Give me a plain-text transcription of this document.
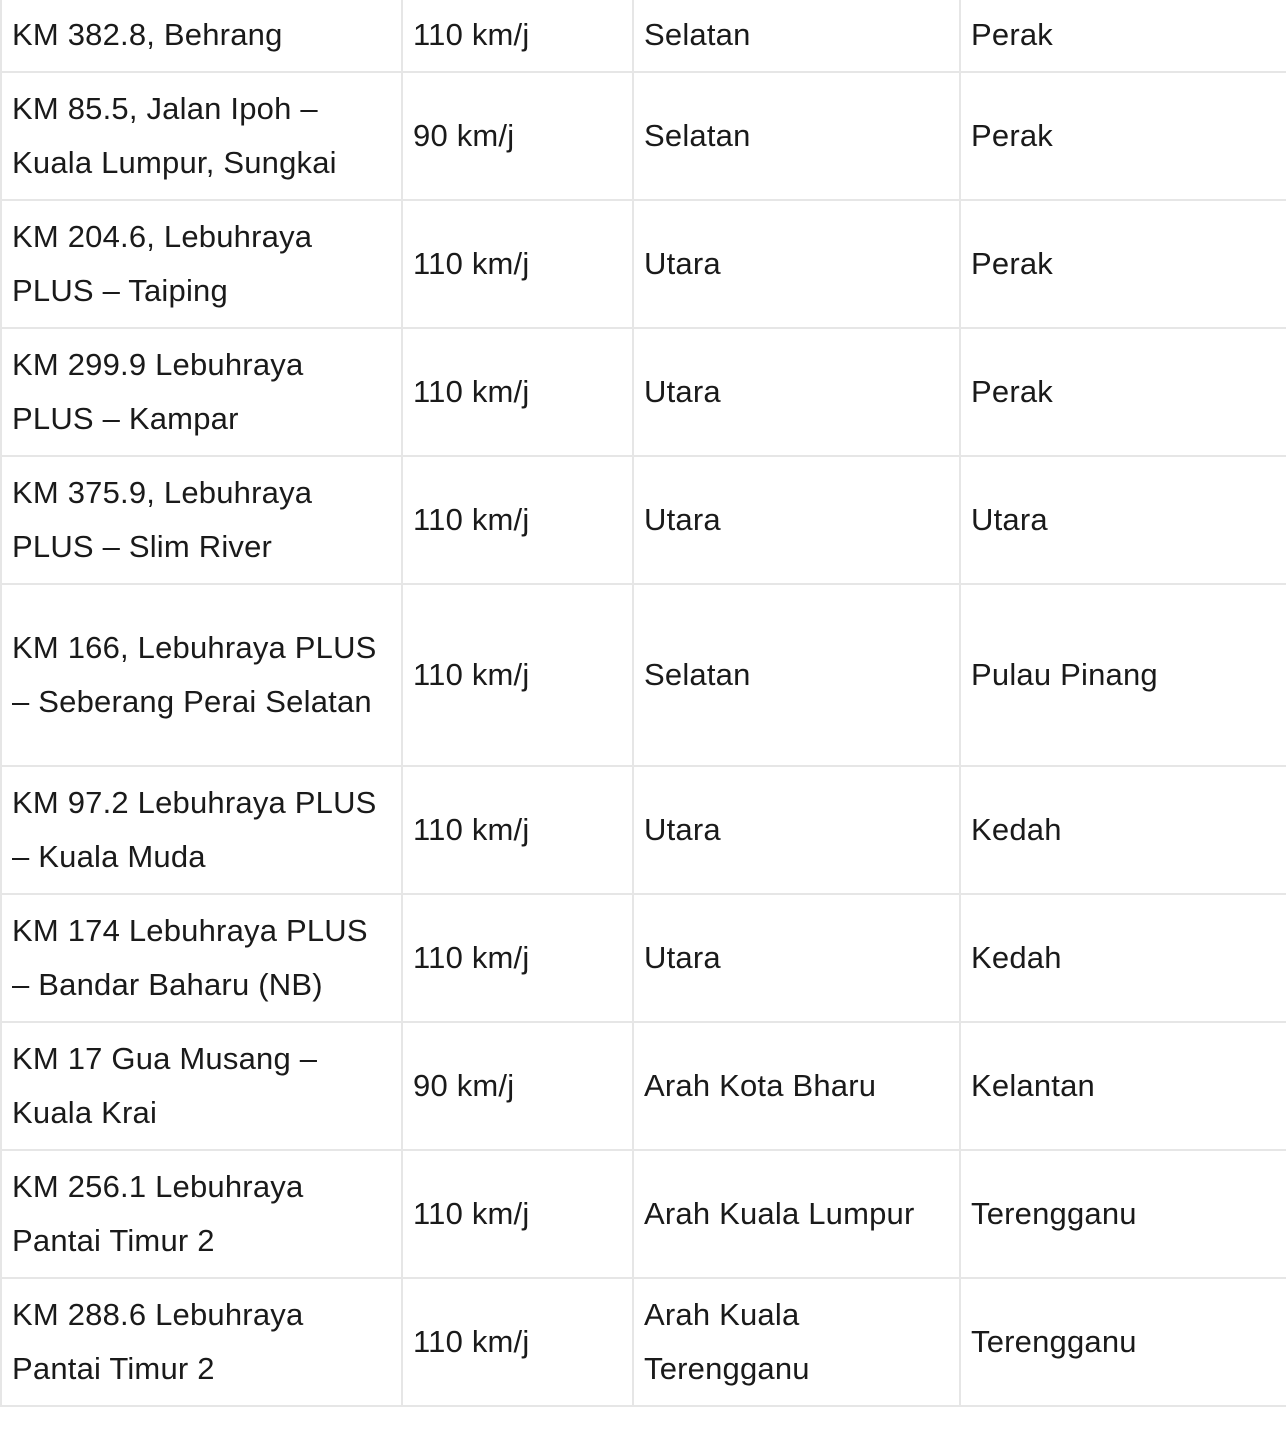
KM 382.8, Behrang	110 km/j	Selatan	Perak
KM 85.5, Jalan Ipoh – Kuala Lumpur, Sungkai	90 km/j	Selatan	Perak
KM 204.6, Lebuhraya PLUS – Taiping	110 km/j	Utara	Perak
KM 299.9 Lebuhraya PLUS – Kampar	110 km/j	Utara	Perak
KM 375.9, Lebuhraya PLUS – Slim River	110 km/j	Utara	Utara
KM 166, Lebuhraya PLUS – Seberang Perai Selatan	110 km/j	Selatan	Pulau Pinang
KM 97.2 Lebuhraya PLUS – Kuala Muda	110 km/j	Utara	Kedah
KM 174 Lebuhraya PLUS – Bandar Baharu (NB)	110 km/j	Utara	Kedah
KM 17 Gua Musang – Kuala Krai	90 km/j	Arah Kota Bharu	Kelantan
KM 256.1 Lebuhraya Pantai Timur 2	110 km/j	Arah Kuala Lumpur	Terengganu
KM 288.6 Lebuhraya Pantai Timur 2	110 km/j	Arah Kuala Terengganu	Terengganu
